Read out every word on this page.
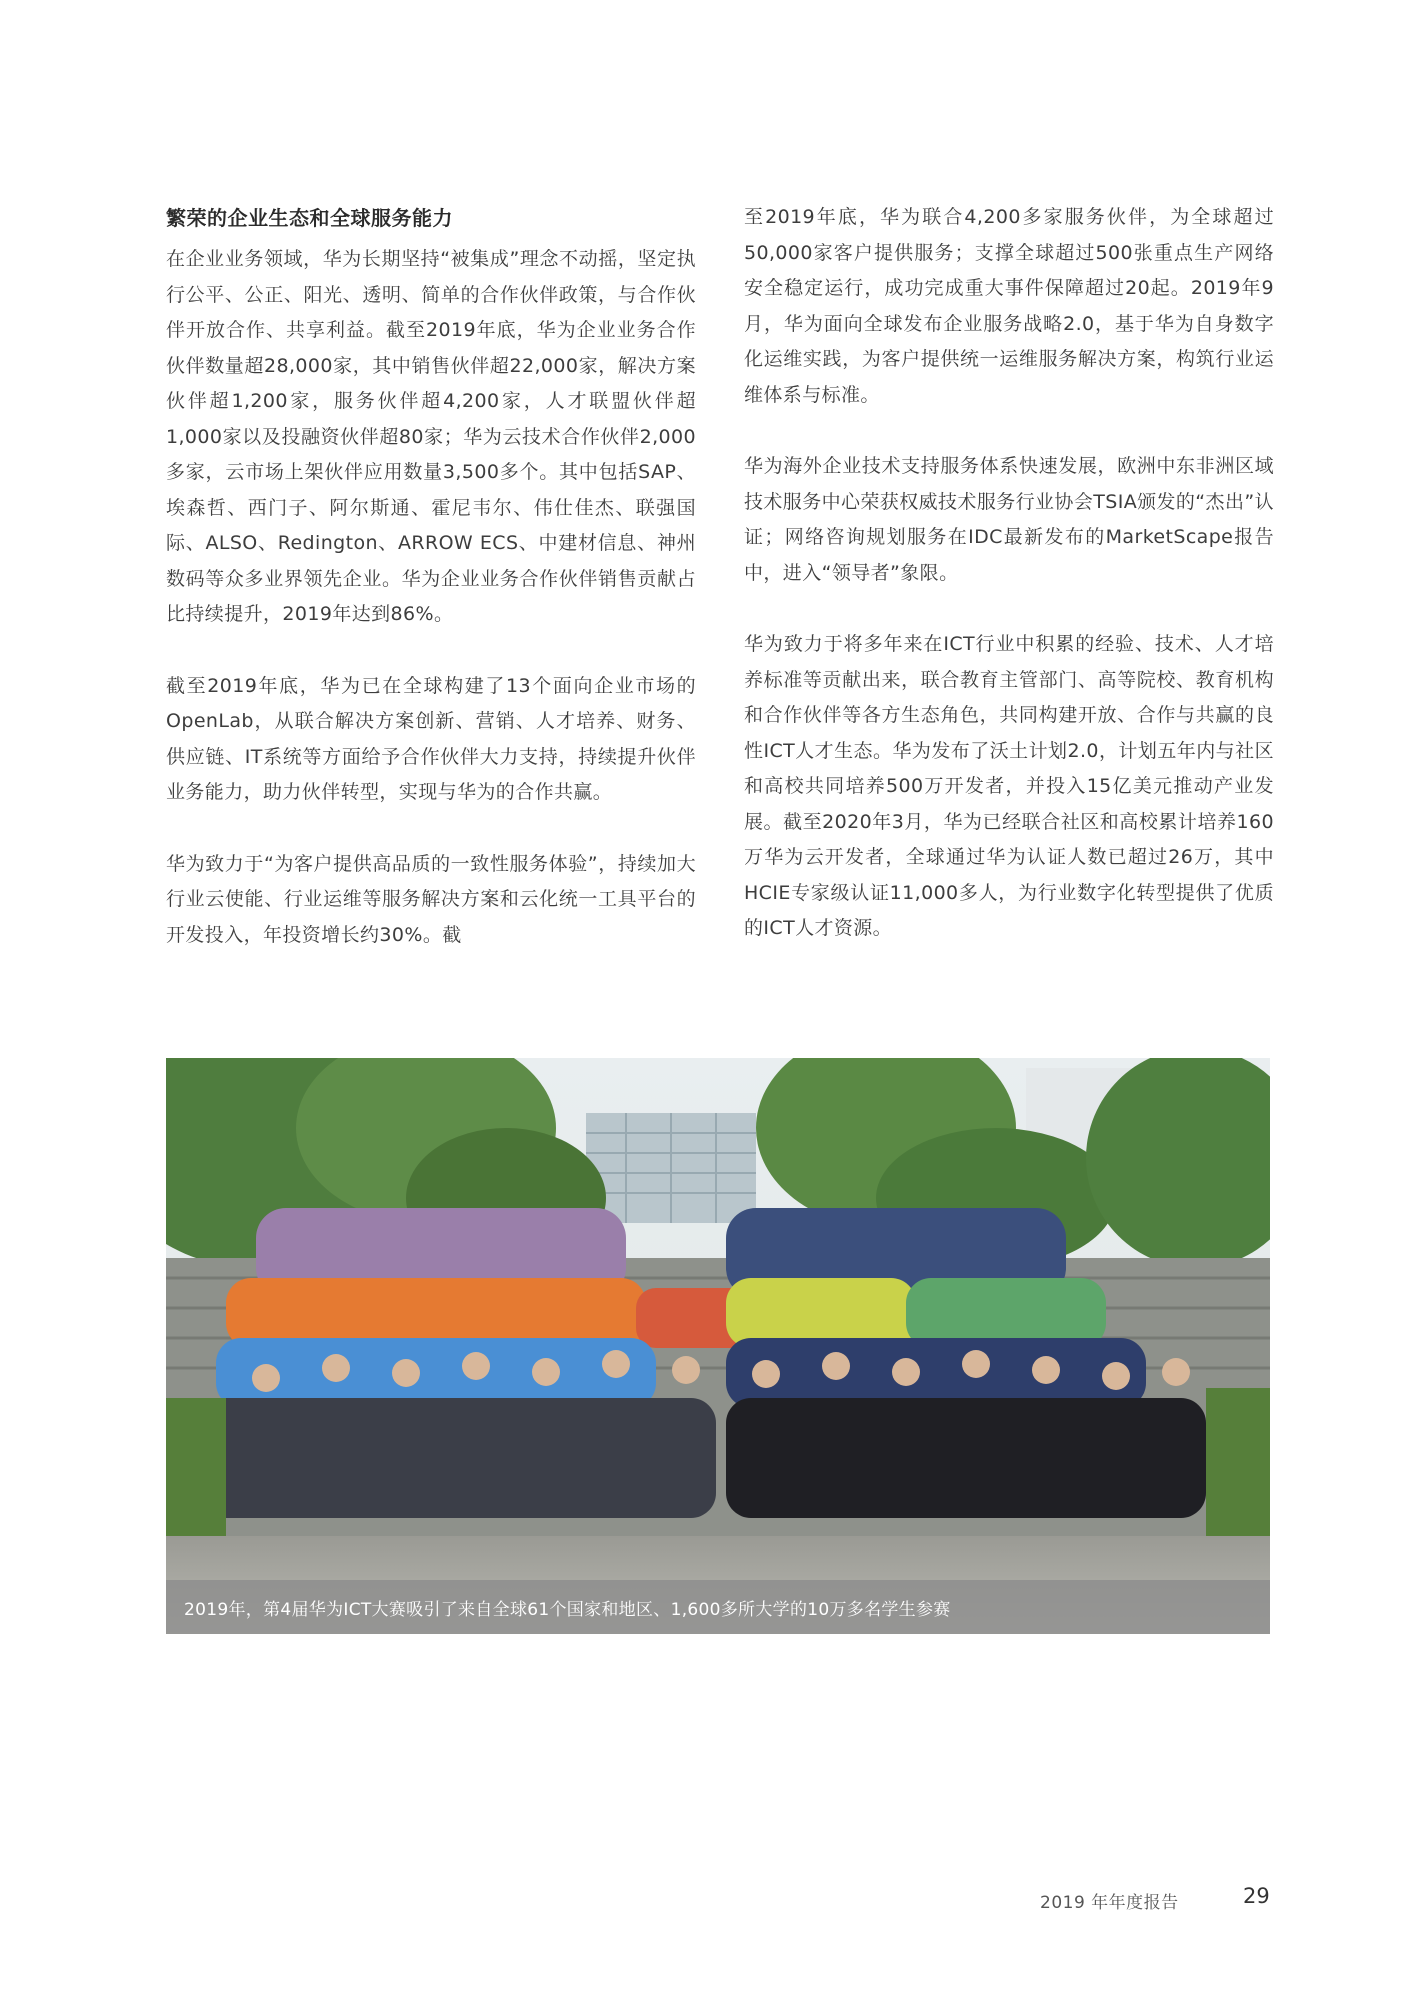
繁荣的企业生态和全球服务能力

在企业业务领域，华为长期坚持“被集成”理念不动摇，坚定执行公平、公正、阳光、透明、简单的合作伙伴政策，与合作伙伴开放合作、共享利益。截至2019年底，华为企业业务合作伙伴数量超28,000家，其中销售伙伴超22,000家，解决方案伙伴超1,200家，服务伙伴超4,200家，人才联盟伙伴超1,000家以及投融资伙伴超80家；华为云技术合作伙伴2,000多家，云市场上架伙伴应用数量3,500多个。其中包括SAP、埃森哲、西门子、阿尔斯通、霍尼韦尔、伟仕佳杰、联强国际、ALSO、Redington、ARROW ECS、中建材信息、神州数码等众多业界领先企业。华为企业业务合作伙伴销售贡献占比持续提升，2019年达到86%。

截至2019年底，华为已在全球构建了13个面向企业市场的OpenLab，从联合解决方案创新、营销、人才培养、财务、供应链、IT系统等方面给予合作伙伴大力支持，持续提升伙伴业务能力，助力伙伴转型，实现与华为的合作共赢。

华为致力于“为客户提供高品质的一致性服务体验”，持续加大行业云使能、行业运维等服务解决方案和云化统一工具平台的开发投入，年投资增长约30%。截

至2019年底，华为联合4,200多家服务伙伴，为全球超过50,000家客户提供服务；支撑全球超过500张重点生产网络安全稳定运行，成功完成重大事件保障超过20起。2019年9月，华为面向全球发布企业服务战略2.0，基于华为自身数字化运维实践，为客户提供统一运维服务解决方案，构筑行业运维体系与标准。

华为海外企业技术支持服务体系快速发展，欧洲中东非洲区域技术服务中心荣获权威技术服务行业协会TSIA颁发的“杰出”认证；网络咨询规划服务在IDC最新发布的MarketScape报告中，进入“领导者”象限。

华为致力于将多年来在ICT行业中积累的经验、技术、人才培养标准等贡献出来，联合教育主管部门、高等院校、教育机构和合作伙伴等各方生态角色，共同构建开放、合作与共赢的良性ICT人才生态。华为发布了沃土计划2.0，计划五年内与社区和高校共同培养500万开发者，并投入15亿美元推动产业发展。截至2020年3月，华为已经联合社区和高校累计培养160万华为云开发者，全球通过华为认证人数已超过26万，其中HCIE专家级认证11,000多人，为行业数字化转型提供了优质的ICT人才资源。

2019年，第4届华为ICT大赛吸引了来自全球61个国家和地区、1,600多所大学的10万多名学生参赛
2019 年年度报告	29
